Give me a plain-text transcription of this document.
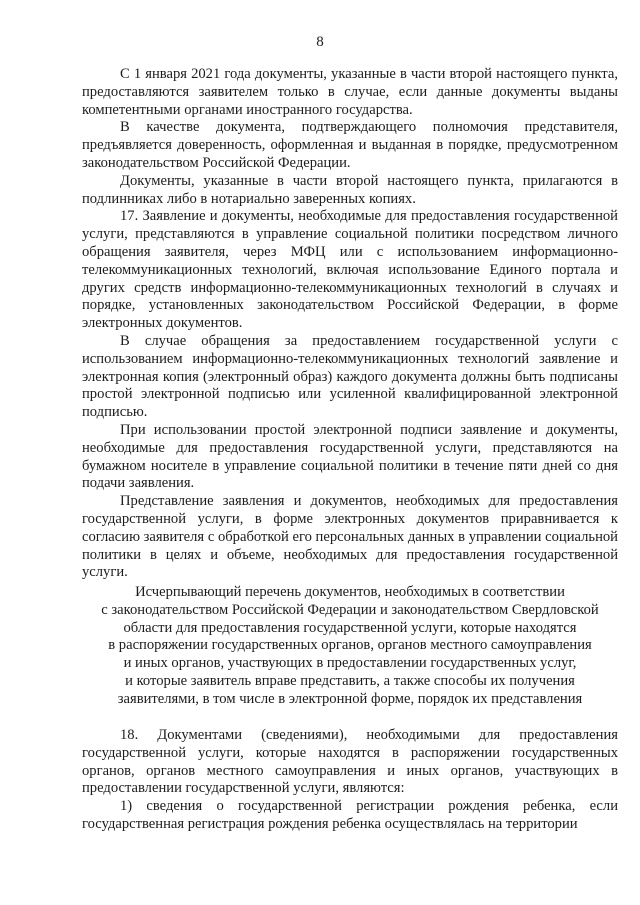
8

С 1 января 2021 года документы, указанные в части второй настоящего пункта, предоставляются заявителем только в случае, если данные документы выданы компетентными органами иностранного государства.

В качестве документа, подтверждающего полномочия представителя, предъявляется доверенность, оформленная и выданная в порядке, предусмотренном законодательством Российской Федерации.

Документы, указанные в части второй настоящего пункта, прилагаются в подлинниках либо в нотариально заверенных копиях.

17. Заявление и документы, необходимые для предоставления государственной услуги, представляются в управление социальной политики посредством личного обращения заявителя, через МФЦ или с использованием информационно-телекоммуникационных технологий, включая использование Единого портала и других средств информационно-телекоммуникационных технологий в случаях и порядке, установленных законодательством Российской Федерации, в форме электронных документов.

В случае обращения за предоставлением государственной услуги с использованием информационно-телекоммуникационных технологий заявление и электронная копия (электронный образ) каждого документа должны быть подписаны простой электронной подписью или усиленной квалифицированной электронной подписью.

При использовании простой электронной подписи заявление и документы, необходимые для предоставления государственной услуги, представляются на бумажном носителе в управление социальной политики в течение пяти дней со дня подачи заявления.

Представление заявления и документов, необходимых для предоставления государственной услуги, в форме электронных документов приравнивается к согласию заявителя с обработкой его персональных данных в управлении социальной политики в целях и объеме, необходимых для предоставления государственной услуги.

Исчерпывающий перечень документов, необходимых в соответствии
с законодательством Российской Федерации и законодательством Свердловской
области для предоставления государственной услуги, которые находятся
в распоряжении государственных органов, органов местного самоуправления
и иных органов, участвующих в предоставлении государственных услуг,
и которые заявитель вправе представить, а также способы их получения
заявителями, в том числе в электронной форме, порядок их представления

18. Документами (сведениями), необходимыми для предоставления государственной услуги, которые находятся в распоряжении государственных органов, органов местного самоуправления и иных органов, участвующих в предоставлении государственной услуги, являются:

1) сведения о государственной регистрации рождения ребенка, если государственная регистрация рождения ребенка осуществлялась на территории
